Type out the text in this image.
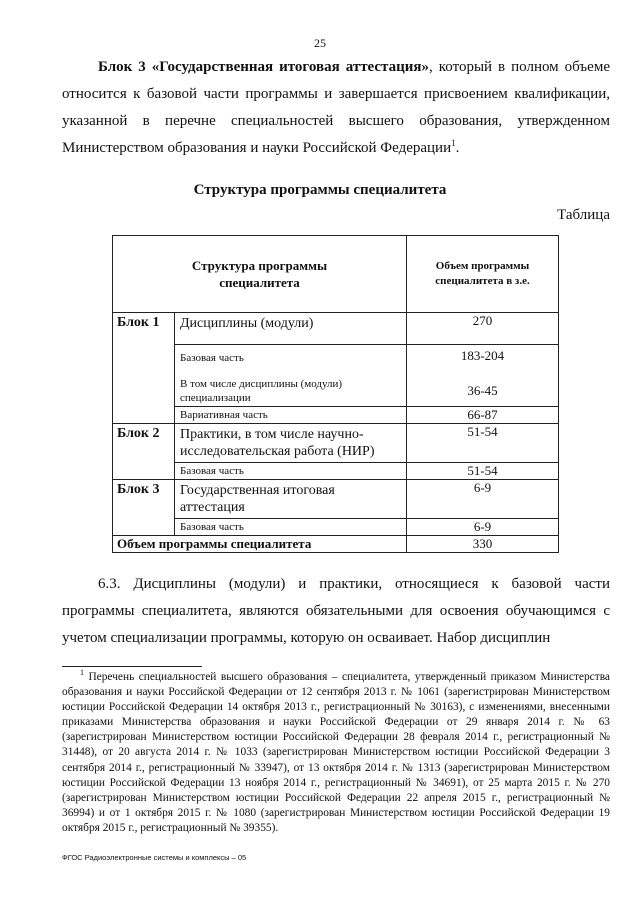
25
Блок 3 «Государственная итоговая аттестация», который в полном объеме относится к базовой части программы и завершается присвоением квалификации, указанной в перечне специальностей высшего образования, утвержденном Министерством образования и науки Российской Федерации$^1$.
Структура программы специалитета
Таблица
Структура программы специалитета		Объем программы специалитета в з.е.

Блок 1	Дисциплины (модули)	270
	Базовая часть	183-204
	В том числе дисциплины (модули) специализации	36-45
	Вариативная часть	66-87
Блок 2	Практики, в том числе научно-исследовательская работа (НИР)	51-54
	Базовая часть	51-54
Блок 3	Государственная итоговая аттестация	6-9
	Базовая часть	6-9
Объем программы специалитета		330
6.3. Дисциплины (модули) и практики, относящиеся к базовой части программы специалитета, являются обязательными для освоения обучающимся с учетом специализации программы, которую он осваивает. Набор дисциплин
$^1$ Перечень специальностей высшего образования – специалитета, утвержденный приказом Министерства образования и науки Российской Федерации от 12 сентября 2013 г. № 1061 (зарегистрирован Министерством юстиции Российской Федерации 14 октября 2013 г., регистрационный № 30163), с изменениями, внесенными приказами Министерства образования и науки Российской Федерации от 29 января 2014 г. № 63 (зарегистрирован Министерством юстиции Российской Федерации 28 февраля 2014 г., регистрационный № 31448), от 20 августа 2014 г. № 1033 (зарегистрирован Министерством юстиции Российской Федерации 3 сентября 2014 г., регистрационный № 33947), от 13 октября 2014 г. № 1313 (зарегистрирован Министерством юстиции Российской Федерации 13 ноября 2014 г., регистрационный № 34691), от 25 марта 2015 г. № 270 (зарегистрирован Министерством юстиции Российской Федерации 22 апреля 2015 г., регистрационный № 36994) и от 1 октября 2015 г. № 1080 (зарегистрирован Министерством юстиции Российской Федерации 19 октября 2015 г., регистрационный № 39355).
ФГОС Радиоэлектронные системы и комплексы – 05
